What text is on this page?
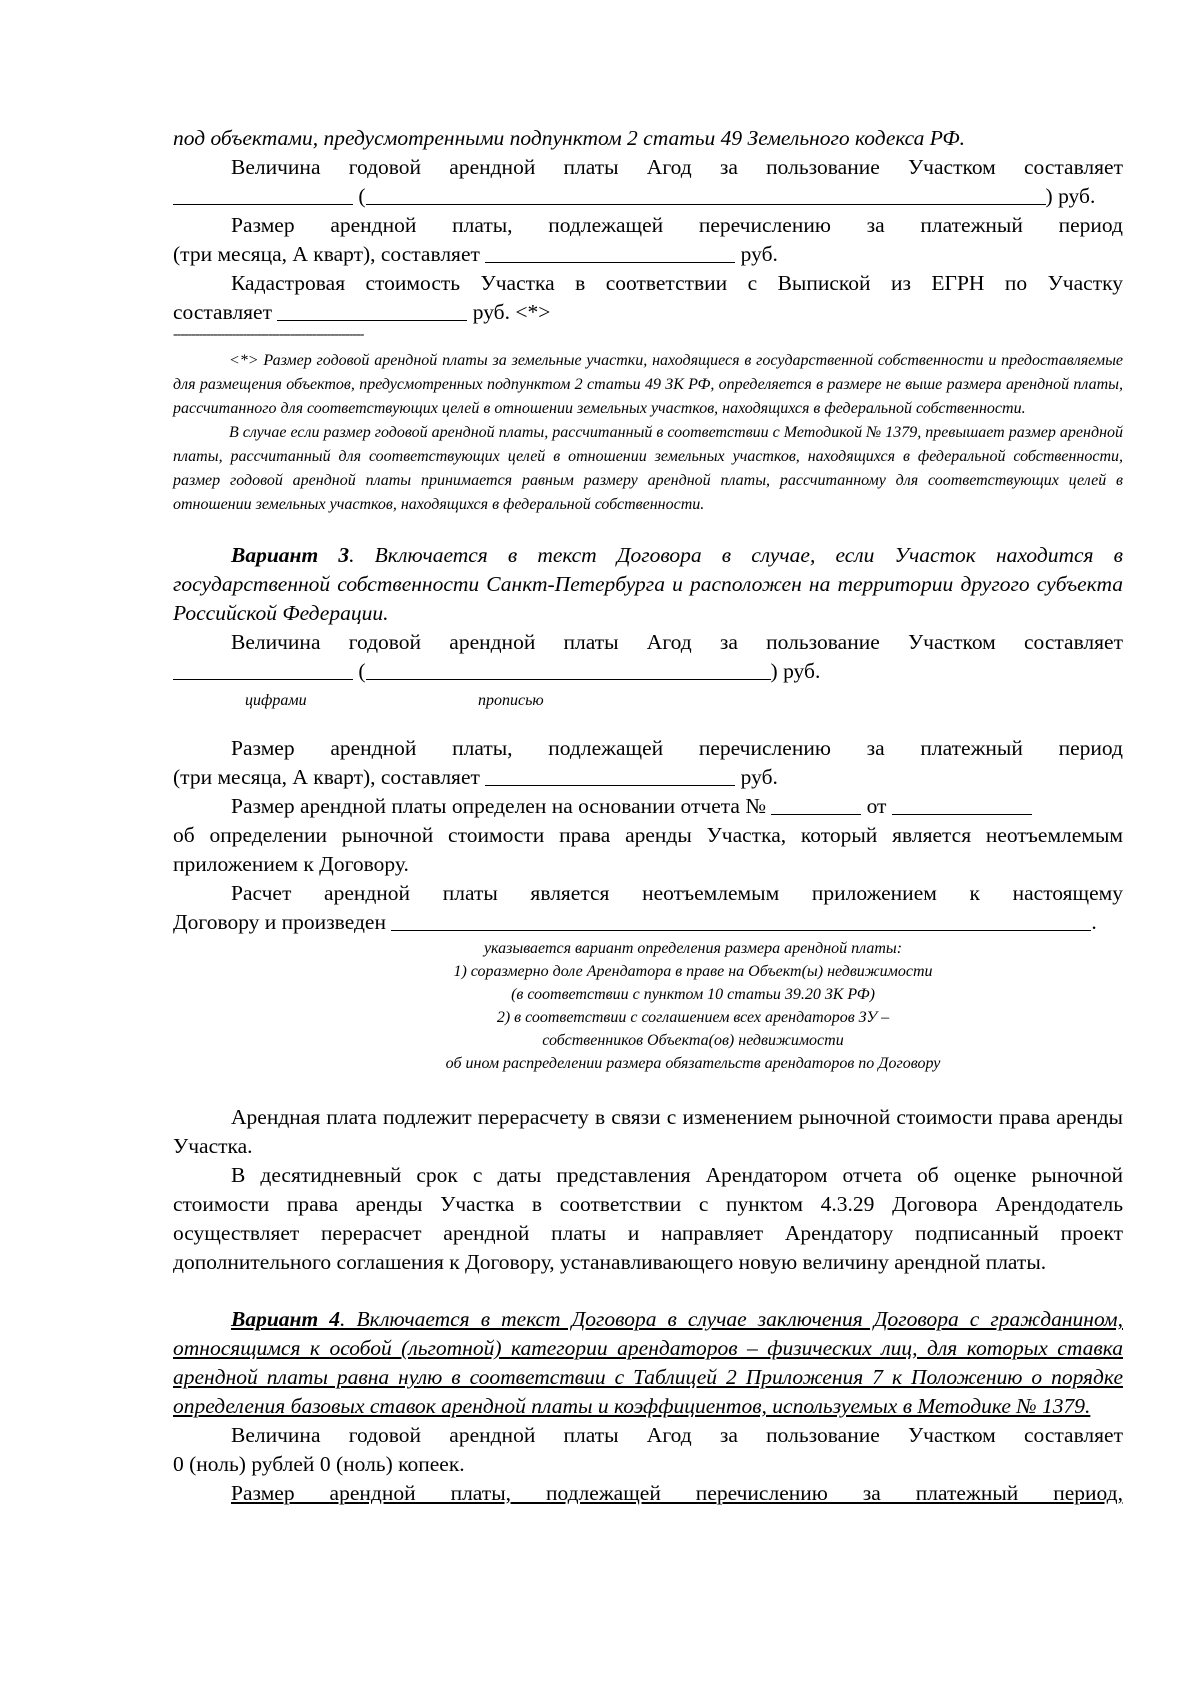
под объектами, предусмотренными подпунктом 2 статьи 49 Земельного кодекса РФ.

Величина годовой арендной платы Агод за пользование Участком составляет

(	) руб.

Размер арендной платы, подлежащей перечислению за платежный период

(три месяца, А кварт), составляет	руб.

Кадастровая стоимость Участка в соответствии с Выпиской из ЕГРН по Участку

составляет	руб. <*>

----------------------------------------------------

<*> Размер годовой арендной платы за земельные участки, находящиеся в государственной собственности и предоставляемые для размещения объектов, предусмотренных подпунктом 2 статьи 49 ЗК РФ, определяется в размере не выше размера арендной платы, рассчитанного для соответствующих целей в отношении земельных участков, находящихся в федеральной собственности.

В случае если размер годовой арендной платы, рассчитанный в соответствии с Методикой № 1379, превышает размер арендной платы, рассчитанный для соответствующих целей в отношении земельных участков, находящихся в федеральной собственности, размер годовой арендной платы принимается равным размеру арендной платы, рассчитанному для соответствующих целей в отношении земельных участков, находящихся в федеральной собственности.

Вариант 3. Включается в текст Договора в случае, если Участок находится в государственной собственности Санкт-Петербурга и расположен на территории другого субъекта Российской Федерации.

Величина годовой арендной платы Агод за пользование Участком составляет

(	) руб.

цифрами	прописью

Размер арендной платы, подлежащей перечислению за платежный период

(три месяца, А кварт), составляет	руб.

Размер арендной платы определен на основании отчета №	от

об определении рыночной стоимости права аренды Участка, который является неотъемлемым приложением к Договору.

Расчет арендной платы является неотъемлемым приложением к настоящему

Договору и произведен	.

указывается вариант определения размера арендной платы:
1) соразмерно доле Арендатора в праве на Объект(ы) недвижимости
(в соответствии с пунктом 10 статьи 39.20 ЗК РФ)
2) в соответствии с соглашением всех арендаторов ЗУ –
собственников Объекта(ов) недвижимости
об ином распределении размера обязательств арендаторов по Договору

Арендная плата подлежит перерасчету в связи с изменением рыночной стоимости права аренды Участка.

В десятидневный срок с даты представления Арендатором отчета об оценке рыночной стоимости права аренды Участка в соответствии с пунктом 4.3.29 Договора Арендодатель осуществляет перерасчет арендной платы и направляет Арендатору подписанный проект дополнительного соглашения к Договору, устанавливающего новую величину арендной платы.

Вариант 4. Включается в текст Договора в случае заключения Договора с гражданином, относящимся к особой (льготной) категории арендаторов – физических лиц, для которых ставка арендной платы равна нулю в соответствии с Таблицей 2 Приложения 7 к Положению о порядке определения базовых ставок арендной платы и коэффициентов, используемых в Методике № 1379.

Величина годовой арендной платы Агод за пользование Участком составляет

0 (ноль) рублей 0 (ноль) копеек.

Размер арендной платы, подлежащей перечислению за платежный период,
